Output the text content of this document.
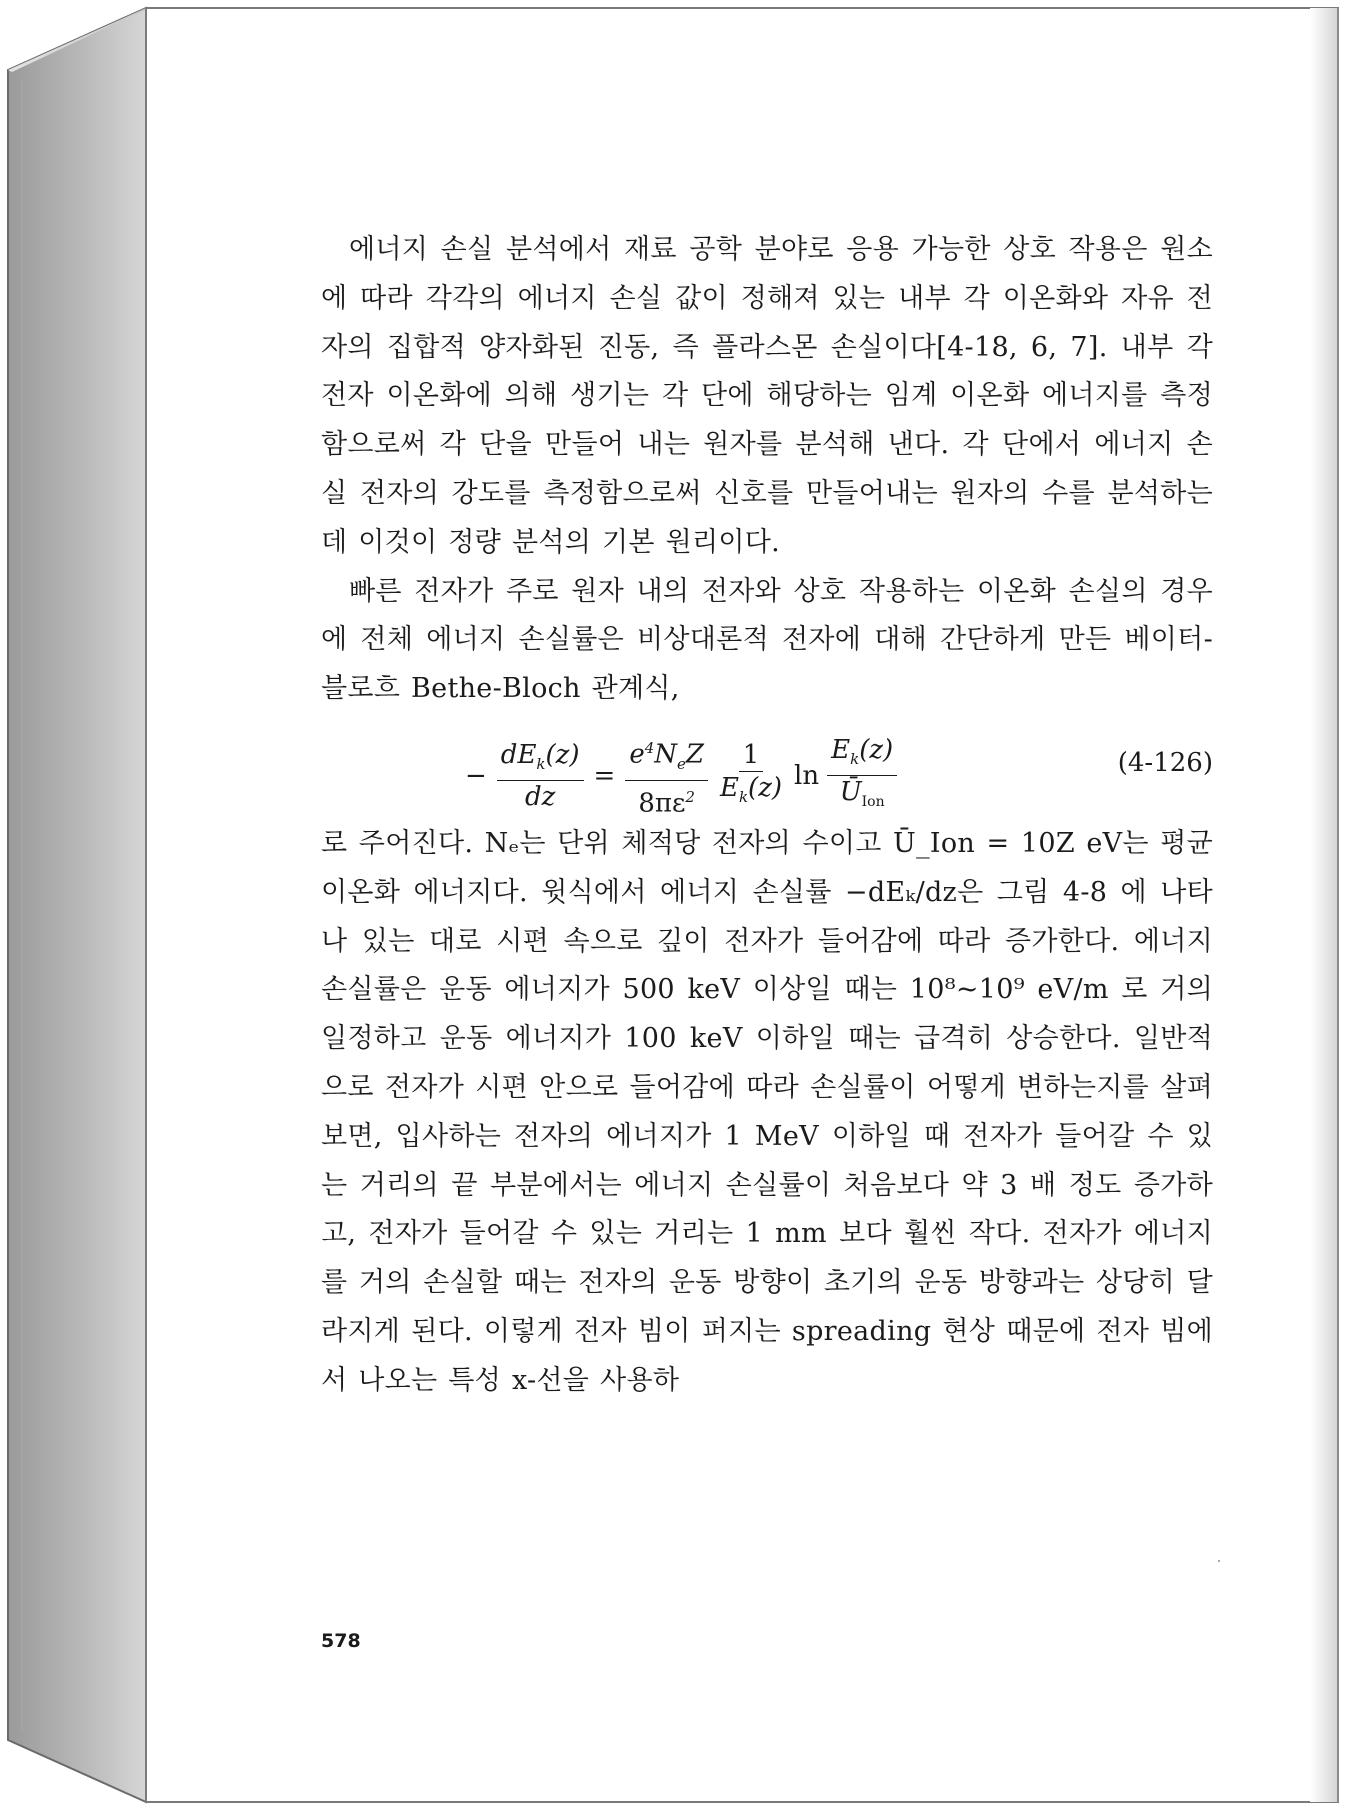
에너지 손실 분석에서 재료 공학 분야로 응용 가능한 상호 작용은 원소에 따라 각각의 에너지 손실 값이 정해져 있는 내부 각 이온화와 자유 전자의 집합적 양자화된 진동, 즉 플라스몬 손실이다[4-18, 6, 7]. 내부 각 전자 이온화에 의해 생기는 각 단에 해당하는 임계 이온화 에너지를 측정함으로써 각 단을 만들어 내는 원자를 분석해 낸다. 각 단에서 에너지 손실 전자의 강도를 측정함으로써 신호를 만들어내는 원자의 수를 분석하는데 이것이 정량 분석의 기본 원리이다.

빠른 전자가 주로 원자 내의 전자와 상호 작용하는 이온화 손실의 경우에 전체 에너지 손실률은 비상대론적 전자에 대해 간단하게 만든 베이터-블로흐 Bethe-Bloch 관계식,

− $\frac{dE_k(z)}{dz} = \frac{e^4N_eZ}{8\pi\varepsilon^2} \frac{1}{E_k(z)}$ $\ln \frac{E_k(z)}{Ū_{Ion}}$	(4-126)

로 주어진다. Nₑ는 단위 체적당 전자의 수이고 Ū_Ion = 10Z eV는 평균 이온화 에너지다. 윗식에서 에너지 손실률 −dEₖ/dz은 그림 4-8 에 나타나 있는 대로 시편 속으로 깊이 전자가 들어감에 따라 증가한다. 에너지 손실률은 운동 에너지가 500 keV 이상일 때는 10⁸~10⁹ eV/m 로 거의 일정하고 운동 에너지가 100 keV 이하일 때는 급격히 상승한다. 일반적으로 전자가 시편 안으로 들어감에 따라 손실률이 어떻게 변하는지를 살펴보면, 입사하는 전자의 에너지가 1 MeV 이하일 때 전자가 들어갈 수 있는 거리의 끝 부분에서는 에너지 손실률이 처음보다 약 3 배 정도 증가하고, 전자가 들어갈 수 있는 거리는 1 mm 보다 훨씬 작다. 전자가 에너지를 거의 손실할 때는 전자의 운동 방향이 초기의 운동 방향과는 상당히 달라지게 된다. 이렇게 전자 빔이 퍼지는 spreading 현상 때문에 전자 빔에서 나오는 특성 x-선을 사용하

578
